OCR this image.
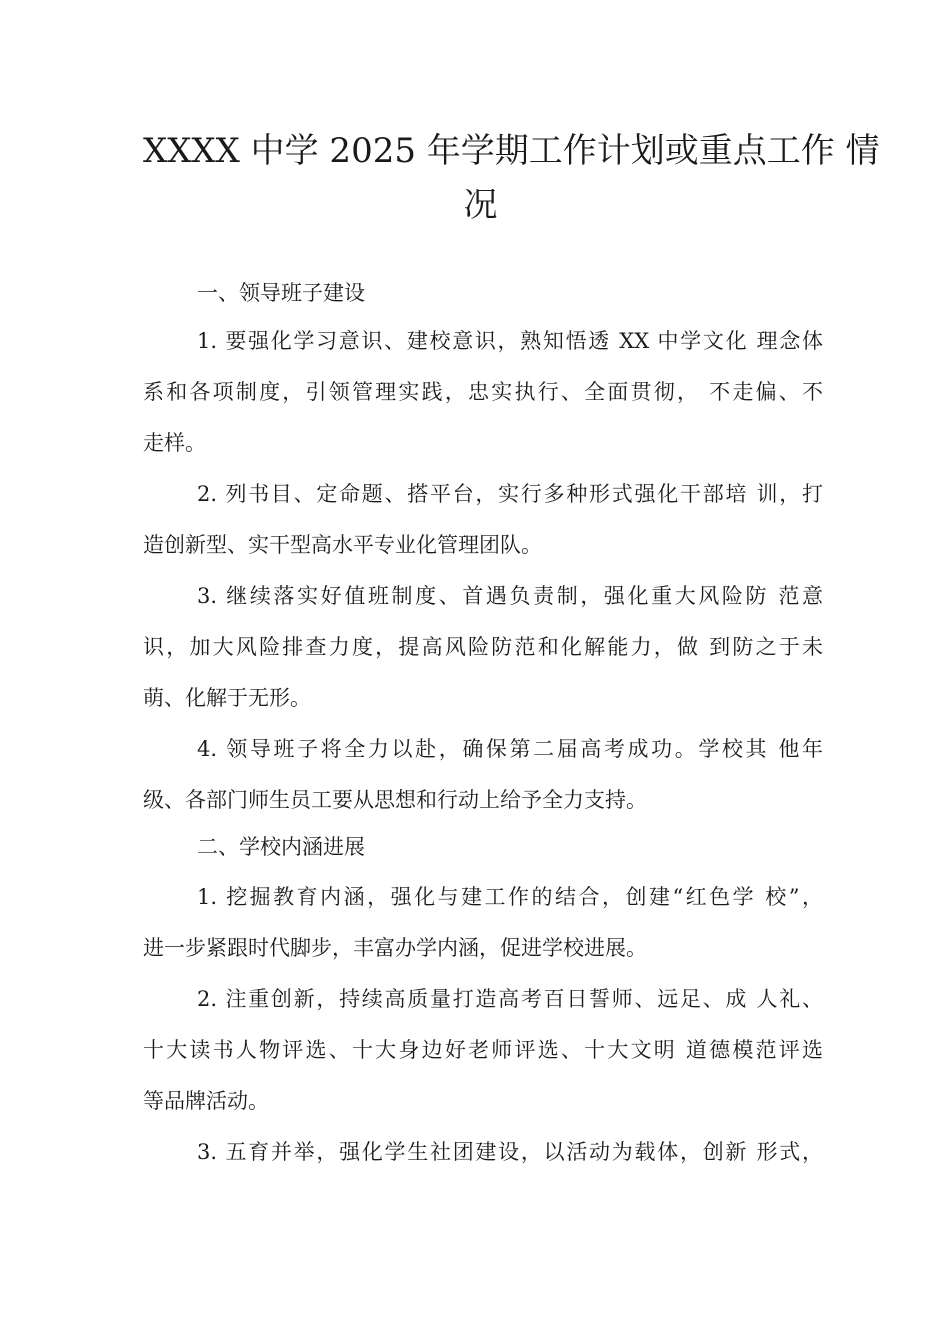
XXXX 中学 2025 年学期工作计划或重点工作 情
况

一、领导班子建设

1. 要强化学习意识、建校意识，熟知悟透 XX 中学文化 理念体

系和各项制度，引领管理实践，忠实执行、全面贯彻， 不走偏、不

走样。

2. 列书目、定命题、搭平台，实行多种形式强化干部培 训，打

造创新型、实干型高水平专业化管理团队。

3. 继续落实好值班制度、首遇负责制，强化重大风险防 范意

识，加大风险排查力度，提高风险防范和化解能力，做 到防之于未

萌、化解于无形。

4. 领导班子将全力以赴，确保第二届高考成功。学校其 他年

级、各部门师生员工要从思想和行动上给予全力支持。

二、学校内涵进展

1. 挖掘教育内涵，强化与建工作的结合，创建“红色学 校”，

进一步紧跟时代脚步，丰富办学内涵，促进学校进展。

2. 注重创新，持续高质量打造高考百日誓师、远足、成 人礼、

十大读书人物评选、十大身边好老师评选、十大文明 道德模范评选

等品牌活动。

3. 五育并举，强化学生社团建设，以活动为载体，创新 形式，
